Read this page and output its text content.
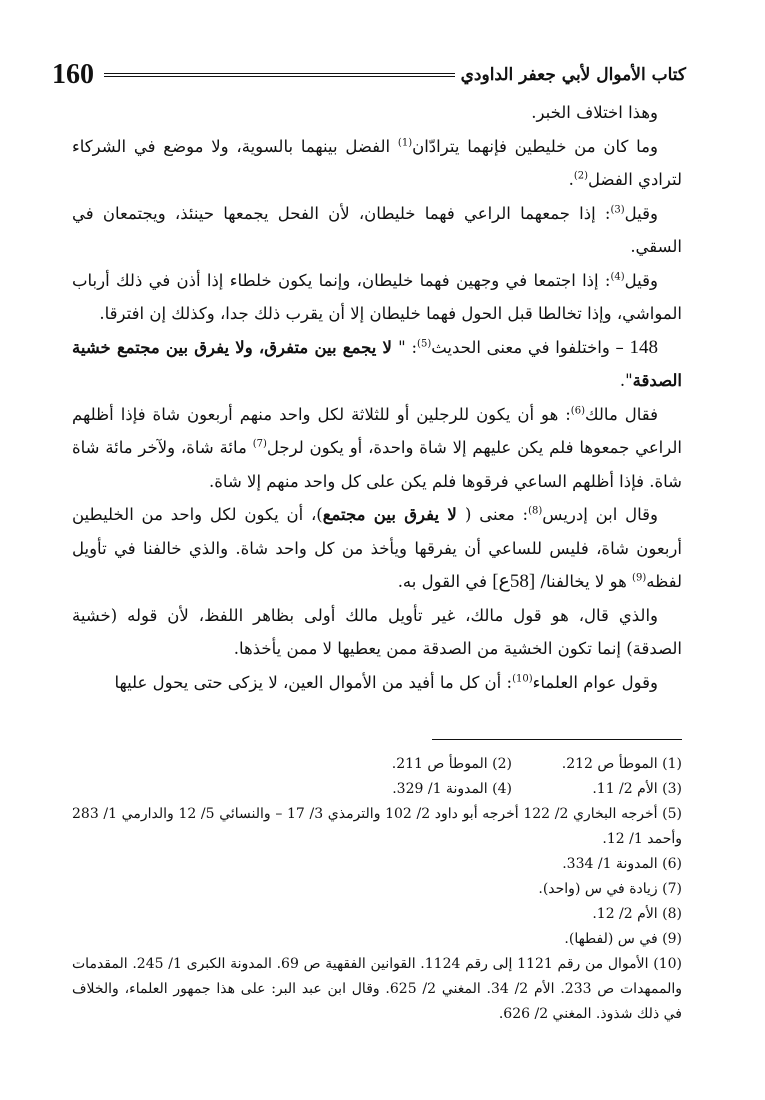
160	كتاب الأموال لأبي جعفر الداودي

وهذا اختلاف الخبر.

وما كان من خليطين فإنهما يترادّان$^{(1)}$ الفضل بينهما بالسوية، ولا موضع في الشركاء لترادي الفضل$^{(2)}$.

وقيل$^{(3)}$: إذا جمعهما الراعي فهما خليطان، لأن الفحل يجمعها حينئذ، ويجتمعان في السقي.

وقيل$^{(4)}$: إذا اجتمعا في وجهين فهما خليطان، وإنما يكون خلطاء إذا أذن في ذلك أرباب المواشي، وإذا تخالطا قبل الحول فهما خليطان إلا أن يقرب ذلك جدا، وكذلك إن افترقا.

148 – واختلفوا في معنى الحديث$^{(5)}$: " لا يجمع بين متفرق، ولا يفرق بين مجتمع خشية الصدقة".

فقال مالك$^{(6)}$: هو أن يكون للرجلين أو للثلاثة لكل واحد منهم أربعون شاة فإذا أظلهم الراعي جمعوها فلم يكن عليهم إلا شاة واحدة، أو يكون لرجل$^{(7)}$ مائة شاة، ولآخر مائة شاة شاة. فإذا أظلهم الساعي فرقوها فلم يكن على كل واحد منهم إلا شاة.

وقال ابن إدريس$^{(8)}$: معنى ( لا يفرق بين مجتمع)، أن يكون لكل واحد من الخليطين أربعون شاة، فليس للساعي أن يفرقها ويأخذ من كل واحد شاة. والذي خالفنا في تأويل لفظه$^{(9)}$ هو لا يخالفنا/ [58ع] في القول به.

والذي قال، هو قول مالك، غير تأويل مالك أولى بظاهر اللفظ، لأن قوله (خشية الصدقة) إنما تكون الخشية من الصدقة ممن يعطيها لا ممن يأخذها.

وقول عوام العلماء$^{(10)}$: أن كل ما أفيد من الأموال العين، لا يزكى حتى يحول عليها

(1) الموطأ ص 212.
(2) الموطأ ص 211.
(3) الأم 2/ 11.
(4) المدونة 1/ 329.

(5) أخرجه البخاري 2/ 122 أخرجه أبو داود 2/ 102 والترمذي 3/ 17 – والنسائي 5/ 12 والدارمي 1/ 283 وأحمد 1/ 12.

(6) المدونة 1/ 334.

(7) زيادة في س (واحد).

(8) الأم 2/ 12.

(9) في س (لفطها).

(10) الأموال من رقم 1121 إلى رقم 1124. القوانين الفقهية ص 69. المدونة الكبرى 1/ 245. المقدمات والممهدات ص 233. الأم 2/ 34. المغني 2/ 625. وقال ابن عبد البر: على هذا جمهور العلماء، والخلاف في ذلك شذوذ. المغني 2/ 626.
